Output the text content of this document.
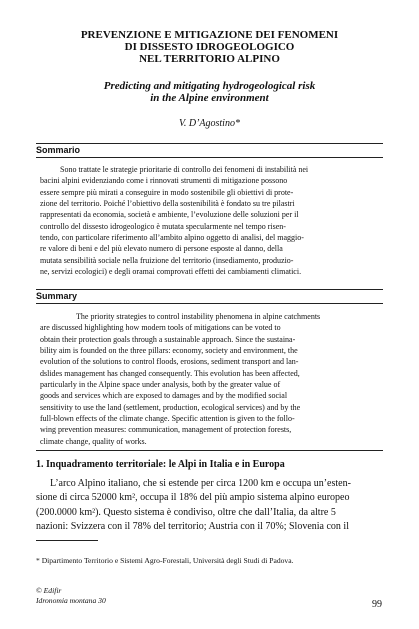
PREVENZIONE E MITIGAZIONE DEI FENOMENI
DI DISSESTO IDROGEOLOGICO
NEL TERRITORIO ALPINO
Predicting and mitigating hydrogeological risk
in the Alpine environment
V. D’Agostino*
Sommario
Sono trattate le strategie prioritarie di controllo dei fenomeni di instabilità nei
bacini alpini evidenziando come i rinnovati strumenti di mitigazione possono
essere sempre più mirati a conseguire in modo sostenibile gli obiettivi di prote-
zione del territorio. Poiché l’obiettivo della sostenibilità è fondato su tre pilastri
rappresentati da economia, società e ambiente, l’evoluzione delle soluzioni per il
controllo del dissesto idrogeologico è mutata specularmente nel tempo risen-
tendo, con particolare riferimento all’ambito alpino oggetto di analisi, del maggio-
re valore di beni e del più elevato numero di persone esposte al danno, della
mutata sensibilità sociale nella fruizione del territorio (insediamento, produzio-
ne, servizi ecologici) e degli oramai comprovati effetti dei cambiamenti climatici.
Summary
The priority strategies to control instability phenomena in alpine catchments
are discussed highlighting how modern tools of mitigations can be voted to
obtain their protection goals through a sustainable approach. Since the sustaina-
bility aim is founded on the three pillars: economy, society and environment, the
evolution of the solutions to control floods, erosions, sediment transport and lan-
dslides management has changed consequently. This evolution has been affected,
particularly in the Alpine space under analysis, both by the greater value of
goods and services which are exposed to damages and by the modified social
sensitivity to use the land (settlement, production, ecological services) and by the
full-blown effects of the climate change. Specific attention is given to the follo-
wing prevention measures: communication, management of protection forests,
climate change, quality of works.
1. Inquadramento territoriale: le Alpi in Italia e in Europa
L’arco Alpino italiano, che si estende per circa 1200 km e occupa un’esten-
sione di circa 52000 km², occupa il 18% del più ampio sistema alpino europeo
(200.0000 km²). Questo sistema è condiviso, oltre che dall’Italia, da altre 5
nazioni: Svizzera con il 78% del territorio; Austria con il 70%; Slovenia con il
* Dipartimento Territorio e Sistemi Agro-Forestali, Università degli Studi di Padova.
© Edifir
Idronomia montana 30	99
